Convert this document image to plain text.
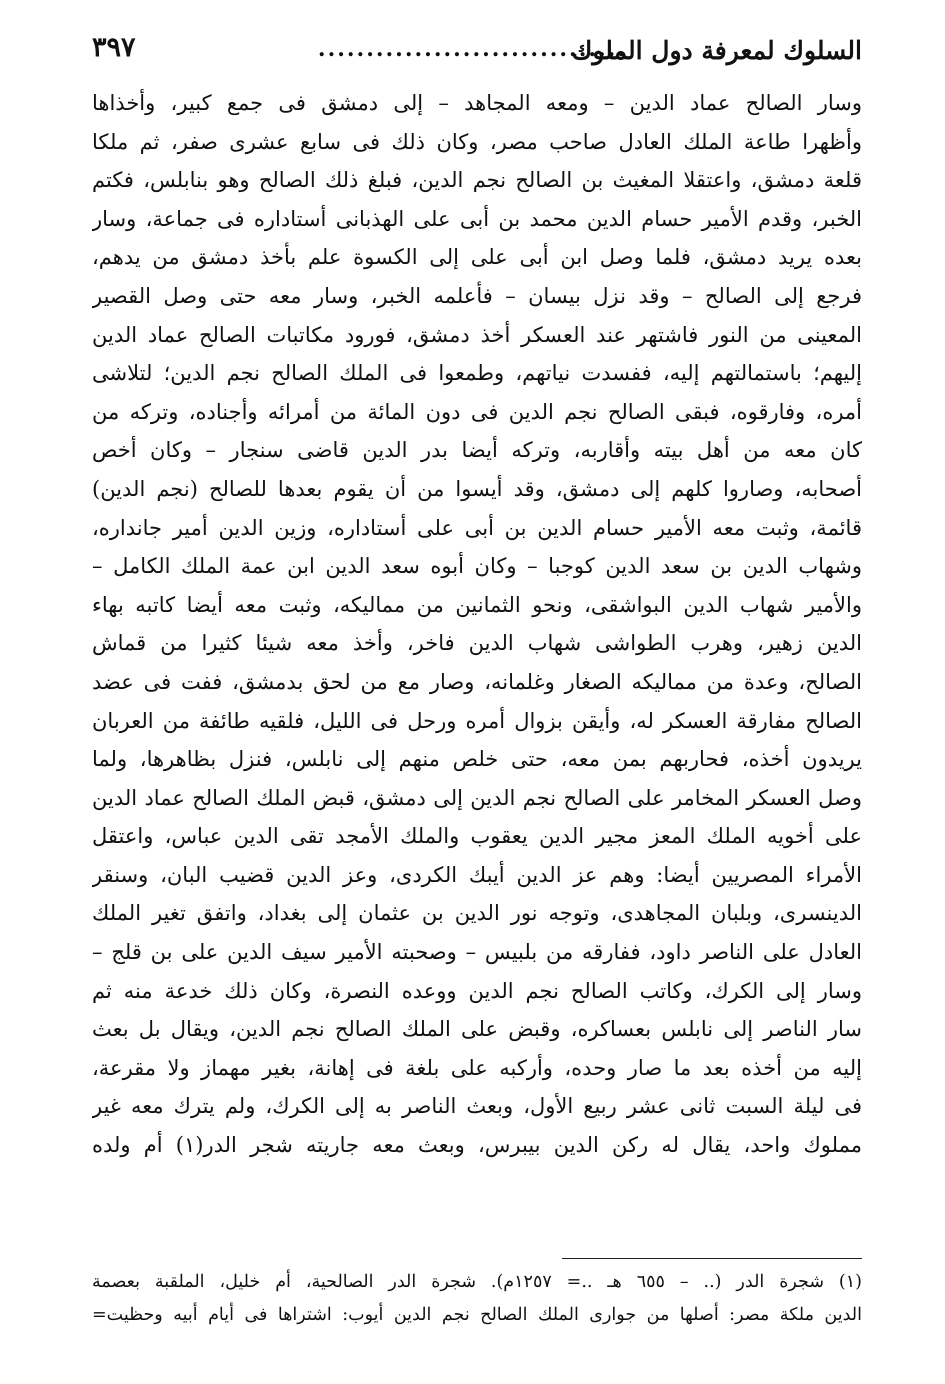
السلوك لمعرفة دول الملوك
................................
٣٩٧
وسار الصالح عماد الدين – ومعه المجاهد – إلى دمشق فى جمع كبير، وأخذاها
وأظهرا طاعة الملك العادل صاحب مصر، وكان ذلك فى سابع عشرى صفر، ثم ملكا
قلعة دمشق، واعتقلا المغيث بن الصالح نجم الدين، فبلغ ذلك الصالح وهو بنابلس، فكتم
الخبر، وقدم الأمير حسام الدين محمد بن أبى على الهذبانى أستاداره فى جماعة، وسار
بعده يريد دمشق، فلما وصل ابن أبى على إلى الكسوة علم بأخذ دمشق من يدهم،
فرجع إلى الصالح – وقد نزل بيسان – فأعلمه الخبر، وسار معه حتى وصل القصير
المعينى من النور فاشتهر عند العسكر أخذ دمشق، فورود مكاتبات الصالح عماد الدين
إليهم؛ باستمالتهم إليه، ففسدت نياتهم، وطمعوا فى الملك الصالح نجم الدين؛ لتلاشى
أمره، وفارقوه، فبقى الصالح نجم الدين فى دون المائة من أمرائه وأجناده، وتركه من
كان معه من أهل بيته وأقاربه، وتركه أيضا بدر الدين قاضى سنجار – وكان أخص
أصحابه، وصاروا كلهم إلى دمشق، وقد أيسوا من أن يقوم بعدها للصالح (نجم الدين)
قائمة، وثبت معه الأمير حسام الدين بن أبى على أستاداره، وزين الدين أمير جانداره،
وشهاب الدين بن سعد الدين كوجبا – وكان أبوه سعد الدين ابن عمة الملك الكامل –
والأمير شهاب الدين البواشقى، ونحو الثمانين من مماليكه، وثبت معه أيضا كاتبه بهاء
الدين زهير، وهرب الطواشى شهاب الدين فاخر، وأخذ معه شيئا كثيرا من قماش
الصالح، وعدة من مماليكه الصغار وغلمانه، وصار مع من لحق بدمشق، ففت فى عضد
الصالح مفارقة العسكر له، وأيقن بزوال أمره ورحل فى الليل، فلقيه طائفة من العربان
يريدون أخذه، فحاربهم بمن معه، حتى خلص منهم إلى نابلس، فنزل بظاهرها، ولما
وصل العسكر المخامر على الصالح نجم الدين إلى دمشق، قبض الملك الصالح عماد الدين
على أخويه الملك المعز مجير الدين يعقوب والملك الأمجد تقى الدين عباس، واعتقل
الأمراء المصريين أيضا: وهم عز الدين أيبك الكردى، وعز الدين قضيب البان، وسنقر
الدينسرى، وبلبان المجاهدى، وتوجه نور الدين بن عثمان إلى بغداد، واتفق تغير الملك
العادل على الناصر داود، ففارقه من بلبيس – وصحبته الأمير سيف الدين على بن قلج –
وسار إلى الكرك، وكاتب الصالح نجم الدين ووعده النصرة، وكان ذلك خدعة منه ثم
سار الناصر إلى نابلس بعساكره، وقبض على الملك الصالح نجم الدين، ويقال بل بعث
إليه من أخذه بعد ما صار وحده، وأركبه على بلغة فى إهانة، بغير مهماز ولا مقرعة،
فى ليلة السبت ثانى عشر ربيع الأول، وبعث الناصر به إلى الكرك، ولم يترك معه غير
مملوك واحد، يقال له ركن الدين بيبرس، وبعث معه جاريته شجر الدر(١) أم ولده
(١) شجرة الدر (.. – ٦٥٥ هـ ..= ١٢٥٧م). شجرة الدر الصالحية، أم خليل، الملقبة بعصمة
الدين ملكة مصر: أصلها من جوارى الملك الصالح نجم الدين أيوب: اشتراها فى أيام أبيه وحظيت=
